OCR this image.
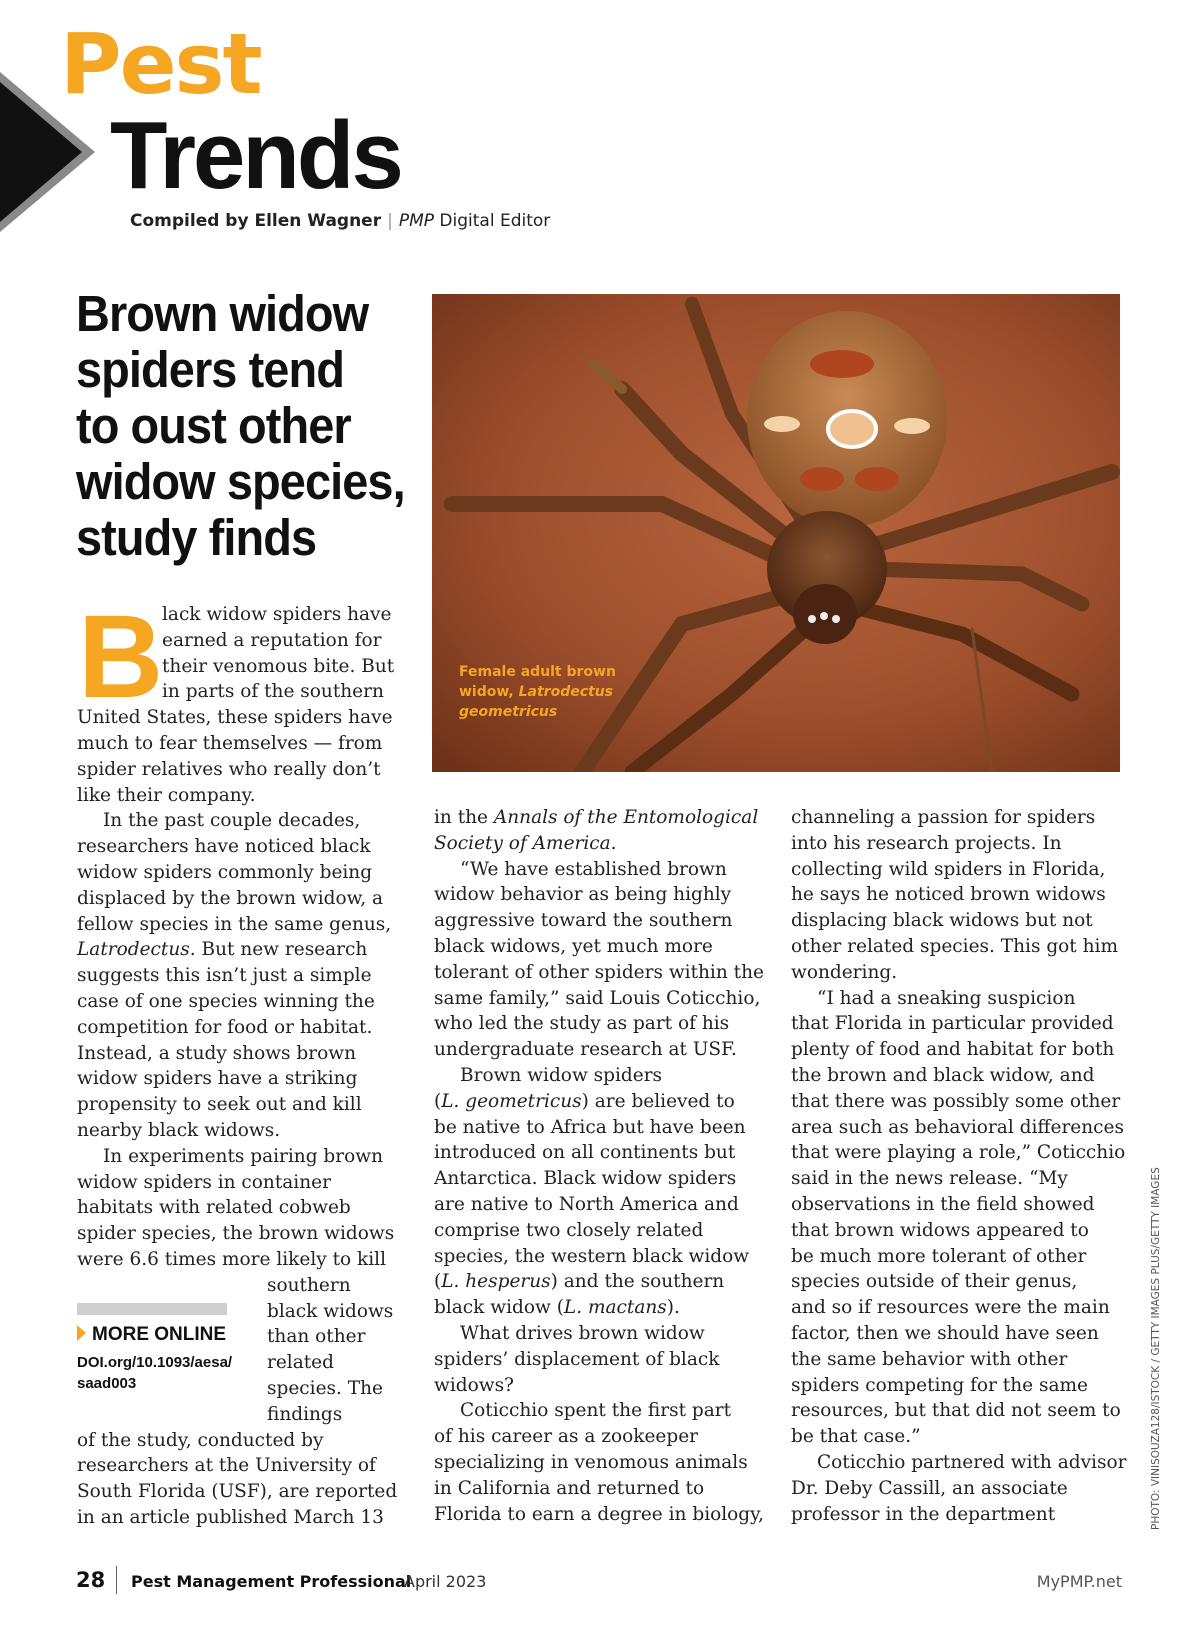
Pest
Trends
Compiled by Ellen Wagner | PMP Digital Editor
Brown widow
spiders tend
to oust other
widow species,
study finds
Female adult brown
widow, Latrodectus
geometricus
B
lack widow spiders have
earned a reputation for
their venomous bite. But
in parts of the southern
United States, these spiders have
much to fear themselves — from
spider relatives who really don’t
like their company.
In the past couple decades,
researchers have noticed black
widow spiders commonly being
displaced by the brown widow, a
fellow species in the same genus,
Latrodectus. But new research
suggests this isn’t just a simple
case of one species winning the
competition for food or habitat.
Instead, a study shows brown
widow spiders have a striking
propensity to seek out and kill
nearby black widows.
In experiments pairing brown
widow spiders in container
habitats with related cobweb
spider species, the brown widows
were 6.6 times more likely to kill
southern
black widows
than other
related
species. The
findings
of the study, conducted by
researchers at the University of
South Florida (USF), are reported
in an article published March 13
in the Annals of the Entomological
Society of America.
“We have established brown
widow behavior as being highly
aggressive toward the southern
black widows, yet much more
tolerant of other spiders within the
same family,” said Louis Coticchio,
who led the study as part of his
undergraduate research at USF.
Brown widow spiders
(L. geometricus) are believed to
be native to Africa but have been
introduced on all continents but
Antarctica. Black widow spiders
are native to North America and
comprise two closely related
species, the western black widow
(L. hesperus) and the southern
black widow (L. mactans).
What drives brown widow
spiders’ displacement of black
widows?
Coticchio spent the first part
of his career as a zookeeper
specializing in venomous animals
in California and returned to
Florida to earn a degree in biology,
channeling a passion for spiders
into his research projects. In
collecting wild spiders in Florida,
he says he noticed brown widows
displacing black widows but not
other related species. This got him
wondering.
“I had a sneaking suspicion
that Florida in particular provided
plenty of food and habitat for both
the brown and black widow, and
that there was possibly some other
area such as behavioral differences
that were playing a role,” Coticchio
said in the news release. “My
observations in the field showed
that brown widows appeared to
be much more tolerant of other
species outside of their genus,
and so if resources were the main
factor, then we should have seen
the same behavior with other
spiders competing for the same
resources, but that did not seem to
be that case.”
Coticchio partnered with advisor
Dr. Deby Cassill, an associate
professor in the department
MORE ONLINE
DOI.org/10.1093/aesa/
saad003	PHOTO: VINISOUZA128/ISTOCK / GETTY IMAGES PLUS/GETTY IMAGES
28 Pest Management Professional
April 2023	MyPMP.net
